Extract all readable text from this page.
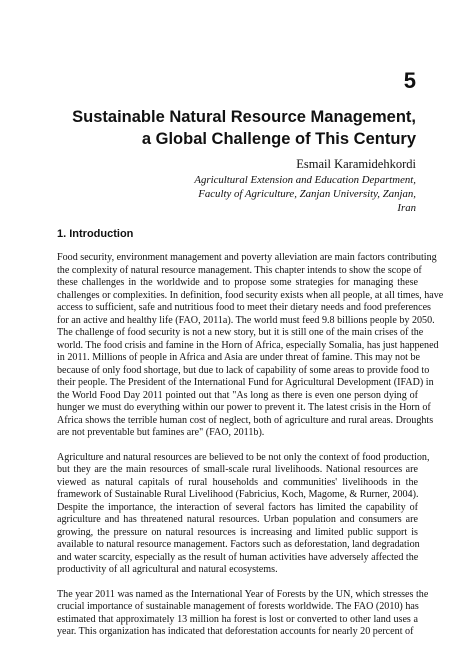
5
Sustainable Natural Resource Management,
a Global Challenge of This Century
Esmail Karamidehkordi
Agricultural Extension and Education Department,
Faculty of Agriculture, Zanjan University, Zanjan,
Iran
1. Introduction
Food security, environment management and poverty alleviation are main factors contributing
the complexity of natural resource management. This chapter intends to show the scope of
these challenges in the worldwide and to propose some strategies for managing these
challenges or complexities. In definition, food security exists when all people, at all times, have
access to sufficient, safe and nutritious food to meet their dietary needs and food preferences
for an active and healthy life (FAO, 2011a). The world must feed 9.8 billions people by 2050.
The challenge of food security is not a new story, but it is still one of the main crises of the
world. The food crisis and famine in the Horn of Africa, especially Somalia, has just happened
in 2011. Millions of people in Africa and Asia are under threat of famine. This may not be
because of only food shortage, but due to lack of capability of some areas to provide food to
their people. The President of the International Fund for Agricultural Development (IFAD) in
the World Food Day 2011 pointed out that "As long as there is even one person dying of
hunger we must do everything within our power to prevent it. The latest crisis in the Horn of
Africa shows the terrible human cost of neglect, both of agriculture and rural areas. Droughts
are not preventable but famines are" (FAO, 2011b).
Agriculture and natural resources are believed to be not only the context of food production,
but they are the main resources of small-scale rural livelihoods. National resources are
viewed as natural capitals of rural households and communities' livelihoods in the
framework of Sustainable Rural Livelihood (Fabricius, Koch, Magome, & Rurner, 2004).
Despite the importance, the interaction of several factors has limited the capability of
agriculture and has threatened natural resources. Urban population and consumers are
growing, the pressure on natural resources is increasing and limited public support is
available to natural resource management. Factors such as deforestation, land degradation
and water scarcity, especially as the result of human activities have adversely affected the
productivity of all agricultural and natural ecosystems.
The year 2011 was named as the International Year of Forests by the UN, which stresses the
crucial importance of sustainable management of forests worldwide. The FAO (2010) has
estimated that approximately 13 million ha forest is lost or converted to other land uses a
year. This organization has indicated that deforestation accounts for nearly 20 percent of
